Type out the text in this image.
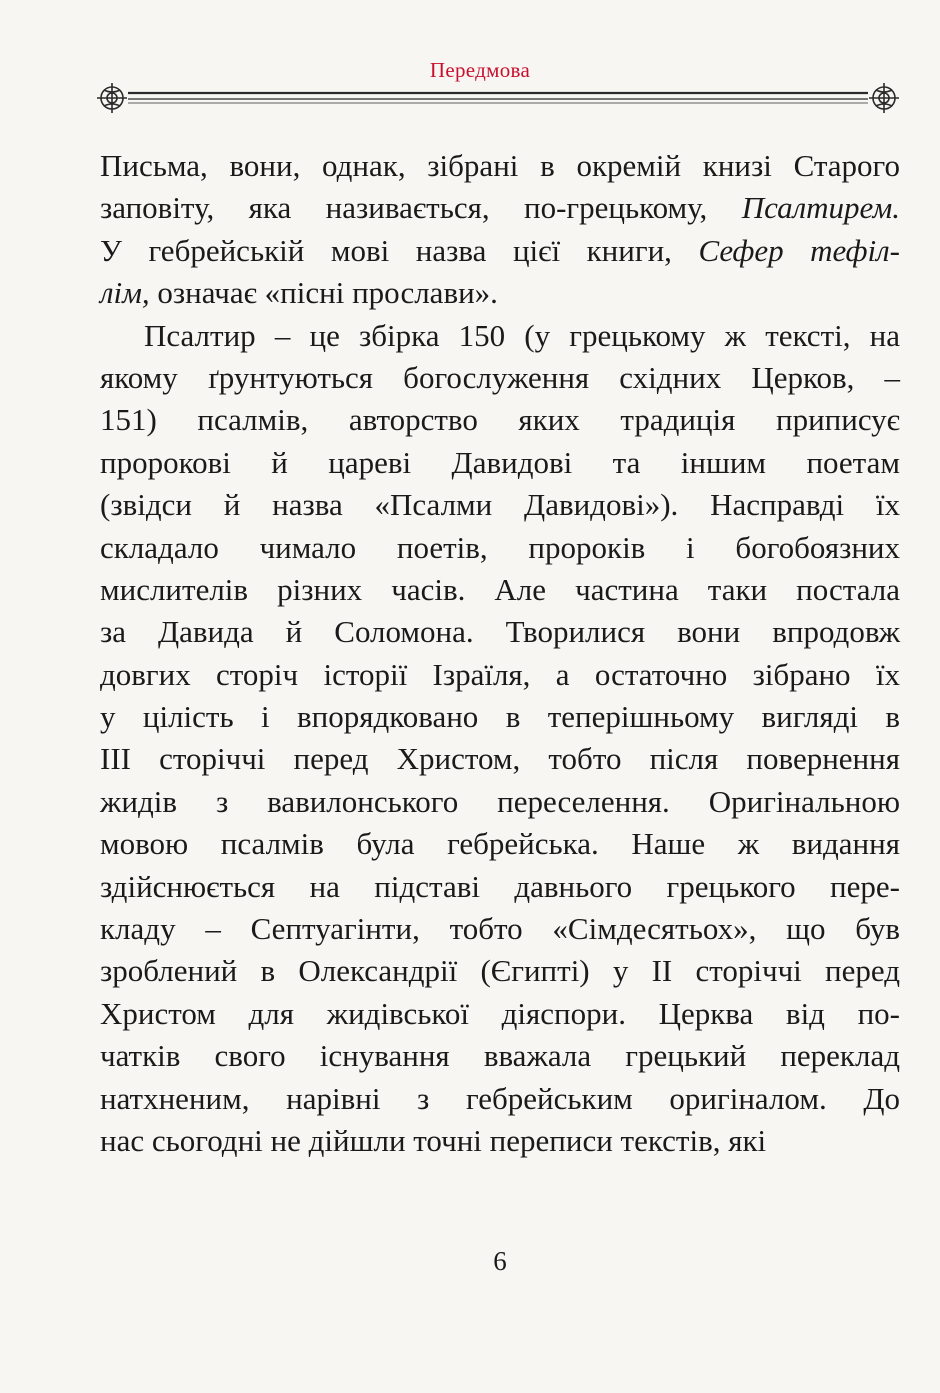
Передмова
Письма, вони, однак, зібрані в окремій книзі Старого
заповіту, яка називається, по-грецькому, Псалтирем.
У гебрейській мові назва цієї книги, Сефер тефіл-
лім, означає «пісні прослави».
Псалтир – це збірка 150 (у грецькому ж тексті, на
якому ґрунтуються богослуження східних Церков, –
151) псалмів, авторство яких традиція приписує
пророкові й цареві Давидові та іншим поетам
(звідси й назва «Псалми Давидові»). Насправді їх
складало чимало поетів, пророків і богобоязних
мислителів різних часів. Але частина таки постала
за Давида й Соломона. Творилися вони впродовж
довгих сторіч історії Ізраїля, а остаточно зібрано їх
у цілість і впорядковано в теперішньому вигляді в
ІІІ сторіччі перед Христом, тобто після повернення
жидів з вавилонського переселення. Оригінальною
мовою псалмів була гебрейська. Наше ж видання
здійснюється на підставі давнього грецького пере-
кладу – Септуагінти, тобто «Сімдесятьох», що був
зроблений в Олександрії (Єгипті) у ІІ сторіччі перед
Христом для жидівської діяспори. Церква від по-
чатків свого існування вважала грецький переклад
натхненим, нарівні з гебрейським оригіналом. До
нас сьогодні не дійшли точні переписи текстів, які
6
